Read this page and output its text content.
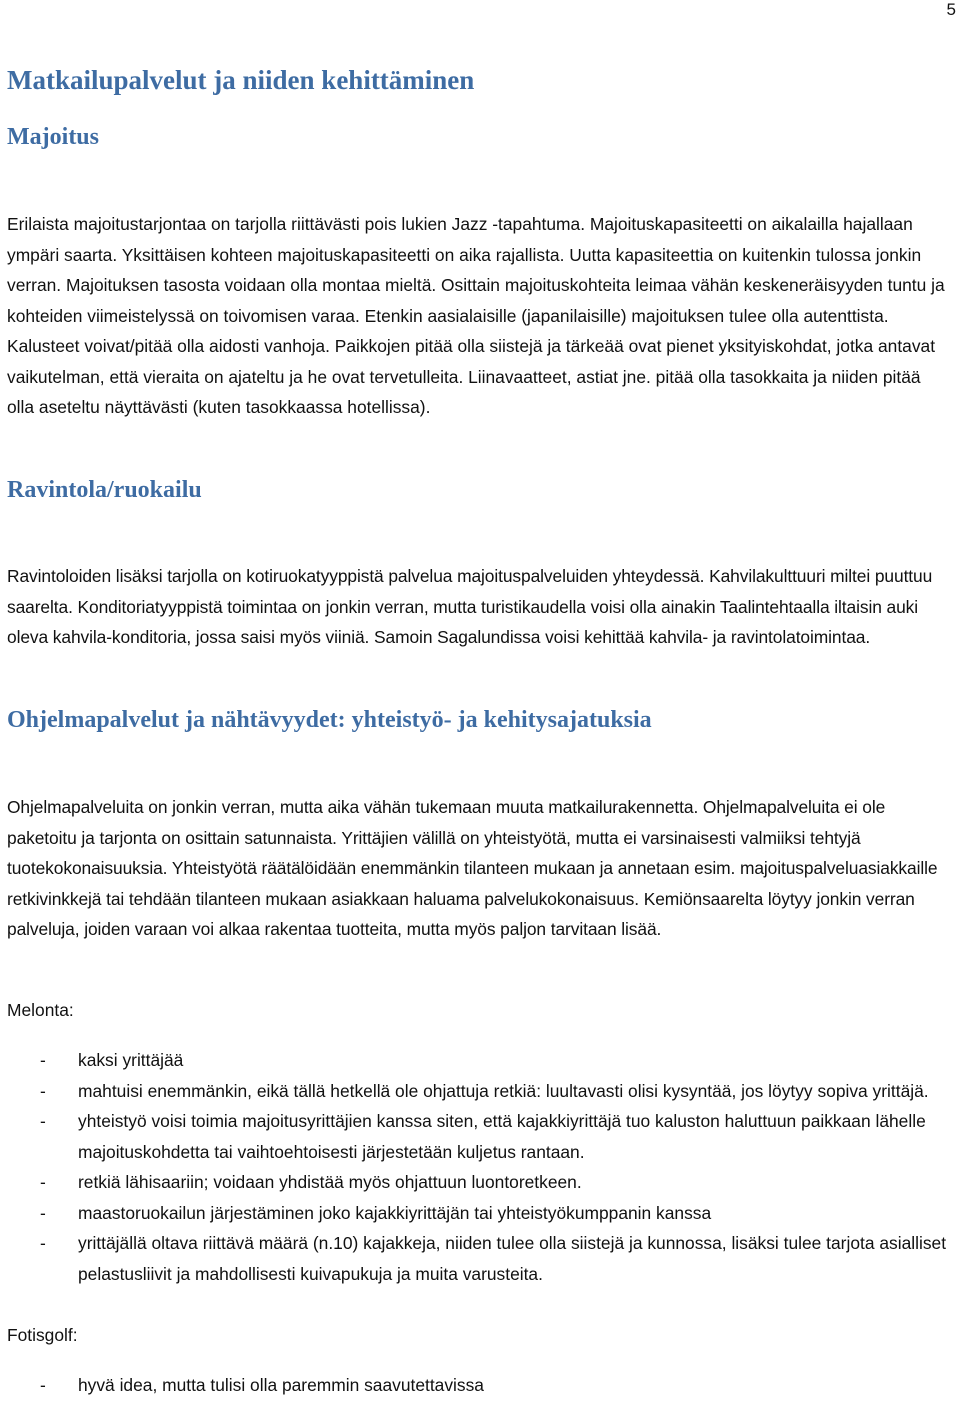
5
Matkailupalvelut ja niiden kehittäminen
Majoitus

Erilaista majoitustarjontaa on tarjolla riittävästi pois lukien Jazz -tapahtuma. Majoituskapasiteetti on aikalailla hajallaan ympäri saarta. Yksittäisen kohteen majoituskapasiteetti on aika rajallista. Uutta kapasiteettia on kuitenkin tulossa jonkin verran. Majoituksen tasosta voidaan olla montaa mieltä. Osittain majoituskohteita leimaa vähän keskeneräisyyden tuntu ja kohteiden viimeistelyssä on toivomisen varaa. Etenkin aasialaisille (japanilaisille) majoituksen tulee olla autenttista. Kalusteet voivat/pitää olla aidosti vanhoja. Paikkojen pitää olla siistejä ja tärkeää ovat pienet yksityiskohdat, jotka antavat vaikutelman, että vieraita on ajateltu ja he ovat tervetulleita. Liinavaatteet, astiat jne. pitää olla tasokkaita ja niiden pitää olla aseteltu näyttävästi (kuten tasokkaassa hotellissa).

Ravintola/ruokailu

Ravintoloiden lisäksi tarjolla on kotiruokatyyppistä palvelua majoituspalveluiden yhteydessä. Kahvilakulttuuri miltei puuttuu saarelta. Konditoriatyyppistä toimintaa on jonkin verran, mutta turistikaudella voisi olla ainakin Taalintehtaalla iltaisin auki oleva kahvila-konditoria, jossa saisi myös viiniä. Samoin Sagalundissa voisi kehittää kahvila- ja ravintolatoimintaa.

Ohjelmapalvelut ja nähtävyydet: yhteistyö- ja kehitysajatuksia

Ohjelmapalveluita on jonkin verran, mutta aika vähän tukemaan muuta matkailurakennetta. Ohjelmapalveluita ei ole paketoitu ja tarjonta on osittain satunnaista. Yrittäjien välillä on yhteistyötä, mutta ei varsinaisesti valmiiksi tehtyjä tuotekokonaisuuksia. Yhteistyötä räätälöidään enemmänkin tilanteen mukaan ja annetaan esim. majoituspalveluasiakkaille retkivinkkejä tai tehdään tilanteen mukaan asiakkaan haluama palvelukokonaisuus. Kemiönsaarelta löytyy jonkin verran palveluja, joiden varaan voi alkaa rakentaa tuotteita, mutta myös paljon tarvitaan lisää.

Melonta:

- kaksi yrittäjää
- mahtuisi enemmänkin, eikä tällä hetkellä ole ohjattuja retkiä: luultavasti olisi kysyntää, jos löytyy sopiva yrittäjä.
- yhteistyö voisi toimia majoitusyrittäjien kanssa siten, että kajakkiyrittäjä tuo kaluston haluttuun paikkaan lähelle majoituskohdetta tai vaihtoehtoisesti järjestetään kuljetus rantaan.
- retkiä lähisaariin; voidaan yhdistää myös ohjattuun luontoretkeen.
- maastoruokailun järjestäminen joko kajakkiyrittäjän tai yhteistyökumppanin kanssa
- yrittäjällä oltava riittävä määrä (n.10) kajakkeja, niiden tulee olla siistejä ja kunnossa, lisäksi tulee tarjota asialliset pelastusliivit ja mahdollisesti kuivapukuja ja muita varusteita.

Fotisgolf:

- hyvä idea, mutta tulisi olla paremmin saavutettavissa
